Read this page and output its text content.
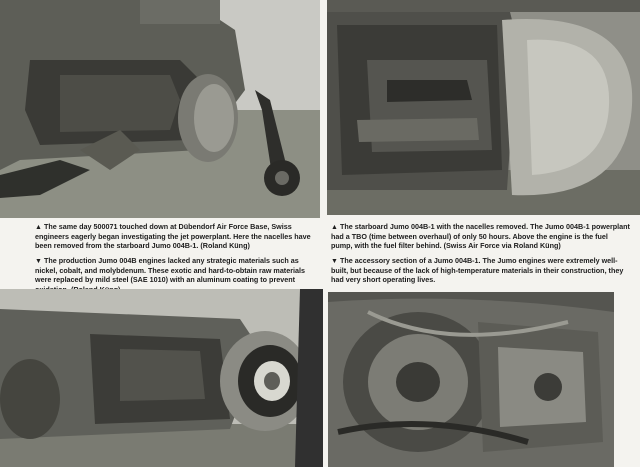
▲ The same day 500071 touched down at Dübendorf Air Force Base, Swiss engineers eagerly began investigating the jet powerplant. Here the nacelles have been removed from the starboard Jumo 004B-1. (Roland Küng)
▲ The starboard Jumo 004B-1 with the nacelles removed. The Jumo 004B-1 powerplant had a TBO (time between overhaul) of only 50 hours. Above the engine is the fuel pump, with the fuel filter behind. (Swiss Air Force via Roland Küng)
▼ The production Jumo 004B engines lacked any strategic materials such as nickel, cobalt, and molybdenum. These exotic and hard-to-obtain raw materials were replaced by mild steel (SAE 1010) with an aluminum coating to prevent
▼ The accessory section of a Jumo 004B-1. The Jumo engines were extremely well-built, but because of the lack of high-temperature materials in their construction, they had very short operating lives.
